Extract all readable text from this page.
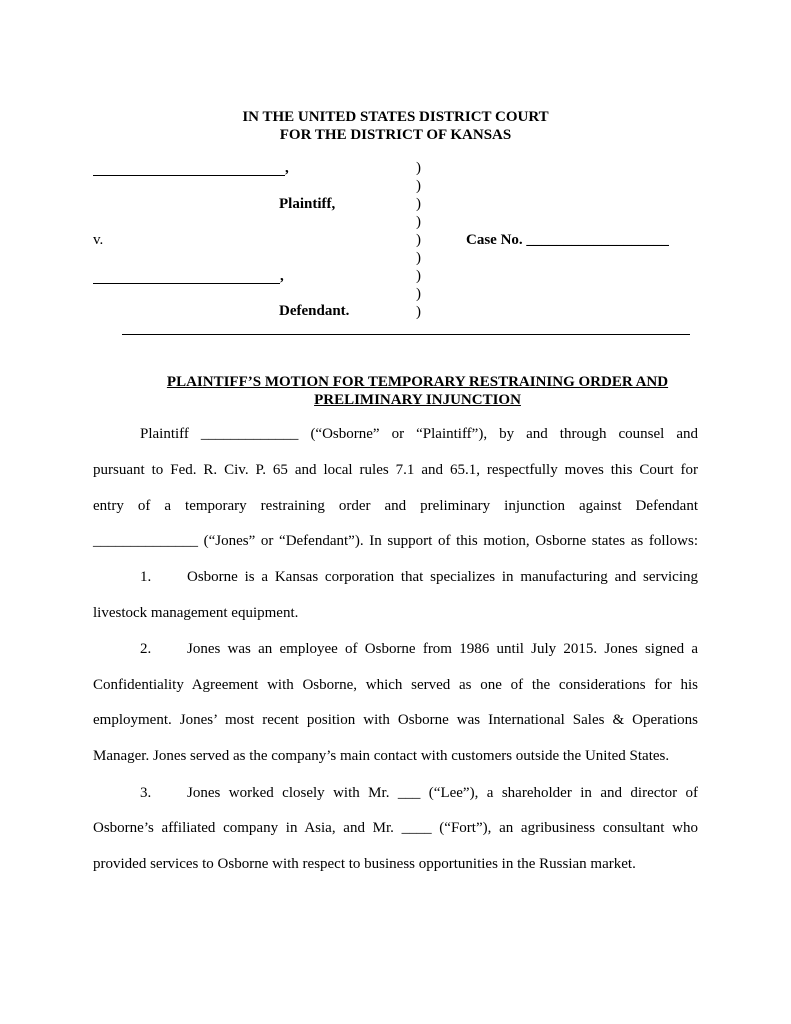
IN THE UNITED STATES DISTRICT COURT
FOR THE DISTRICT OF KANSAS
,
Plaintiff,
v.	Case No. ___________________
,
Defendant.
)
)
)
)
)
)
)
)
)
PLAINTIFF’S MOTION FOR TEMPORARY RESTRAINING ORDER AND
PRELIMINARY INJUNCTION
Plaintiff _____________ (“Osborne” or “Plaintiff”), by and through counsel and
pursuant to Fed. R. Civ. P. 65 and local rules 7.1 and 65.1, respectfully moves this Court for
entry of a temporary restraining order and preliminary injunction against Defendant
______________ (“Jones” or “Defendant”). In support of this motion, Osborne states as follows:
1. Osborne is a Kansas corporation that specializes in manufacturing and servicing
livestock management equipment.
2. Jones was an employee of Osborne from 1986 until July 2015. Jones signed a
Confidentiality Agreement with Osborne, which served as one of the considerations for his
employment. Jones’ most recent position with Osborne was International Sales & Operations
Manager. Jones served as the company’s main contact with customers outside the United States.
3. Jones worked closely with Mr. ___ (“Lee”), a shareholder in and director of
Osborne’s affiliated company in Asia, and Mr. ____ (“Fort”), an agribusiness consultant who
provided services to Osborne with respect to business opportunities in the Russian market.
